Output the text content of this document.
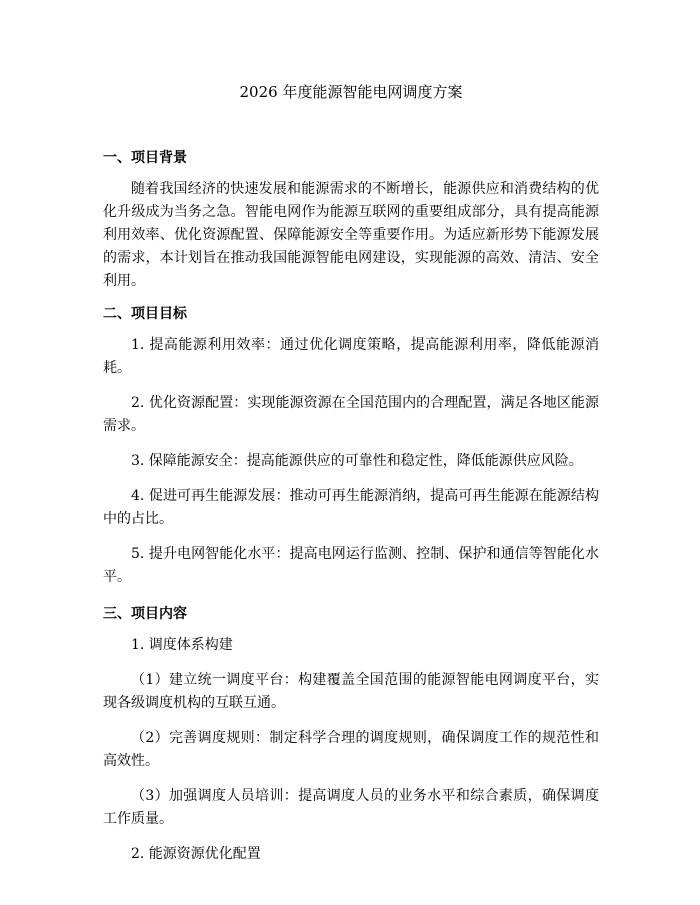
2026 年度能源智能电网调度方案
一、项目背景

随着我国经济的快速发展和能源需求的不断增长，能源供应和消费结构的优化升级成为当务之急。智能电网作为能源互联网的重要组成部分，具有提高能源利用效率、优化资源配置、保障能源安全等重要作用。为适应新形势下能源发展的需求，本计划旨在推动我国能源智能电网建设，实现能源的高效、清洁、安全利用。

二、项目目标

1. 提高能源利用效率：通过优化调度策略，提高能源利用率，降低能源消耗。

2. 优化资源配置：实现能源资源在全国范围内的合理配置，满足各地区能源需求。

3. 保障能源安全：提高能源供应的可靠性和稳定性，降低能源供应风险。

4. 促进可再生能源发展：推动可再生能源消纳，提高可再生能源在能源结构中的占比。

5. 提升电网智能化水平：提高电网运行监测、控制、保护和通信等智能化水平。

三、项目内容

1. 调度体系构建

（1）建立统一调度平台：构建覆盖全国范围的能源智能电网调度平台，实现各级调度机构的互联互通。

（2）完善调度规则：制定科学合理的调度规则，确保调度工作的规范性和高效性。

（3）加强调度人员培训：提高调度人员的业务水平和综合素质，确保调度工作质量。

2. 能源资源优化配置
